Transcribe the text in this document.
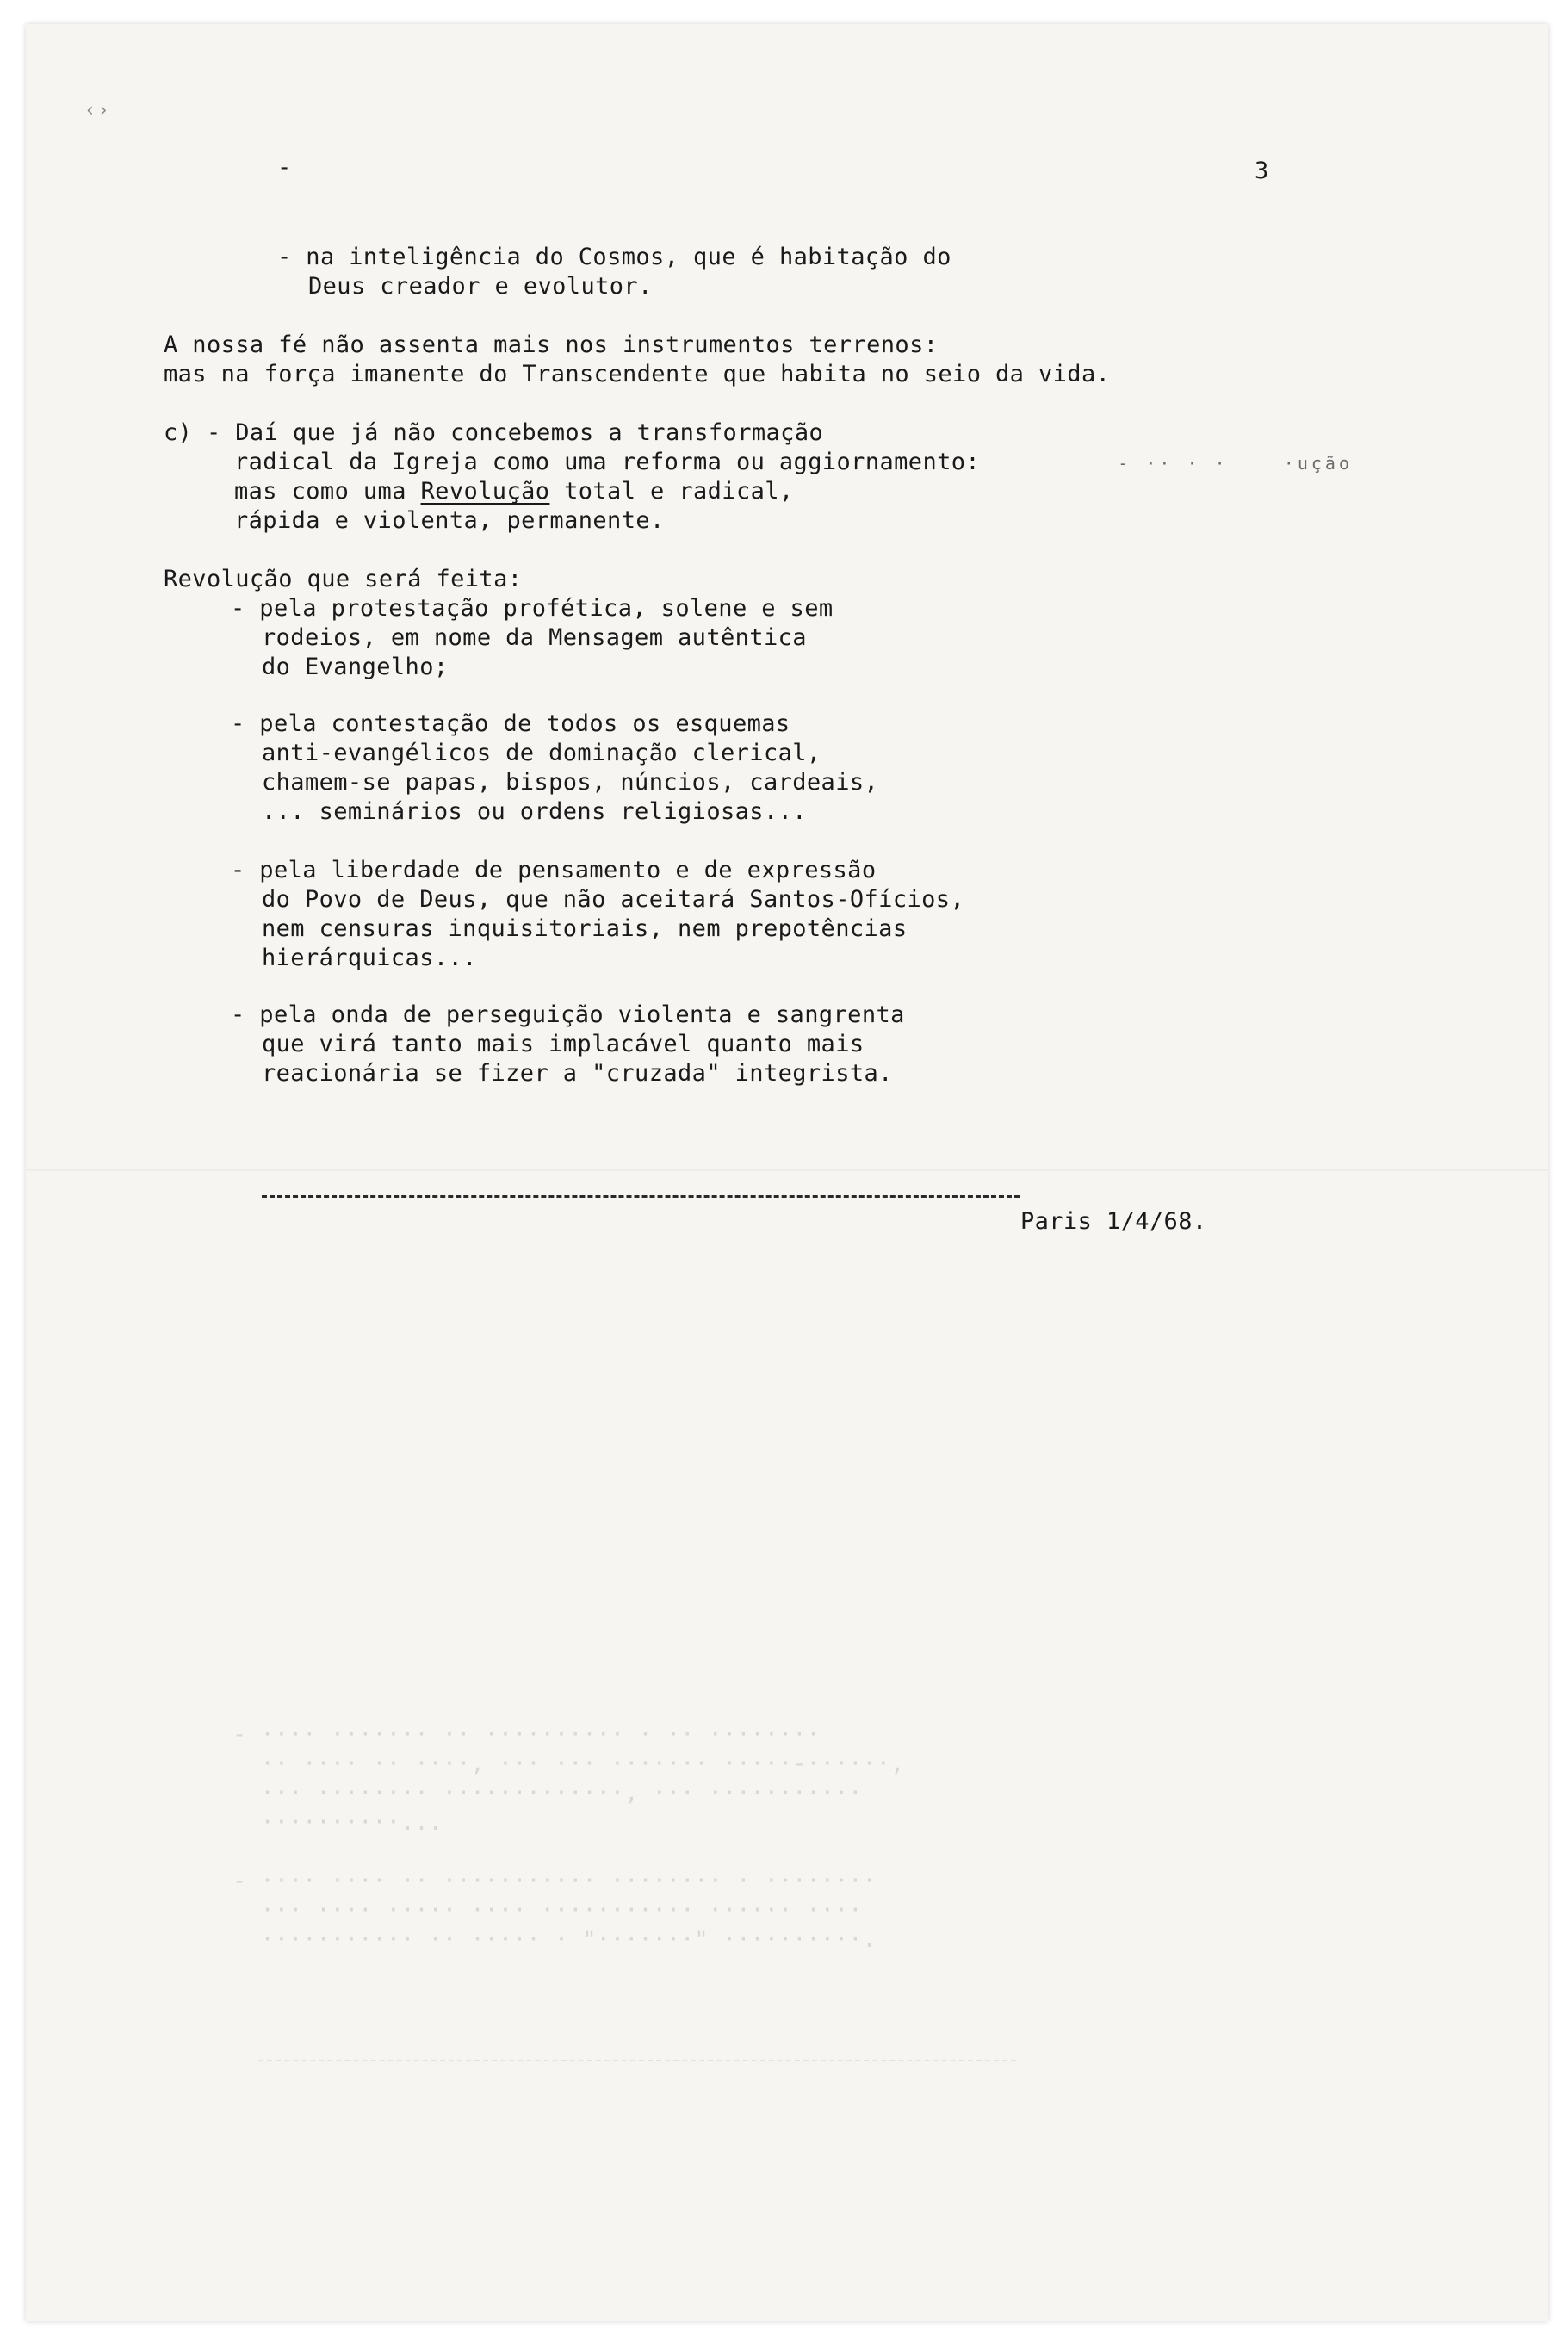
‹ ›
- ···· ······· ·· ·········· · ·· ········
·· ···· ·· ····, ··· ··· ······· ·····-······,
··· ········ ·············, ··· ···········
··········...

- ···· ···· ·· ··········· ········ · ········
··· ···· ····· ···· ··········· ······ ····
··········· ·· ····· · "·······" ··········.
-	3
- na inteligência do Cosmos, que é habitação do
Deus creador e evolutor.
A nossa fé não assenta mais nos instrumentos terrenos:
mas na força imanente do Transcendente que habita no seio da vida.
c) - Daí que já não concebemos a transformação
radical da Igreja como uma reforma ou aggiornamento:	- ·· · ·    ·ução
mas como uma Revolução total e radical,
rápida e violenta, permanente.
Revolução que será feita:
- pela protestação profética, solene e sem
rodeios, em nome da Mensagem autêntica
do Evangelho;
- pela contestação de todos os esquemas
anti-evangélicos de dominação clerical,
chamem-se papas, bispos, núncios, cardeais,
... seminários ou ordens religiosas...
- pela liberdade de pensamento e de expressão
do Povo de Deus, que não aceitará Santos-Ofícios,
nem censuras inquisitoriais, nem prepotências
hierárquicas...
- pela onda de perseguição violenta e sangrenta
que virá tanto mais implacável quanto mais
reacionária se fizer a "cruzada" integrista.
Paris 1/4/68.
